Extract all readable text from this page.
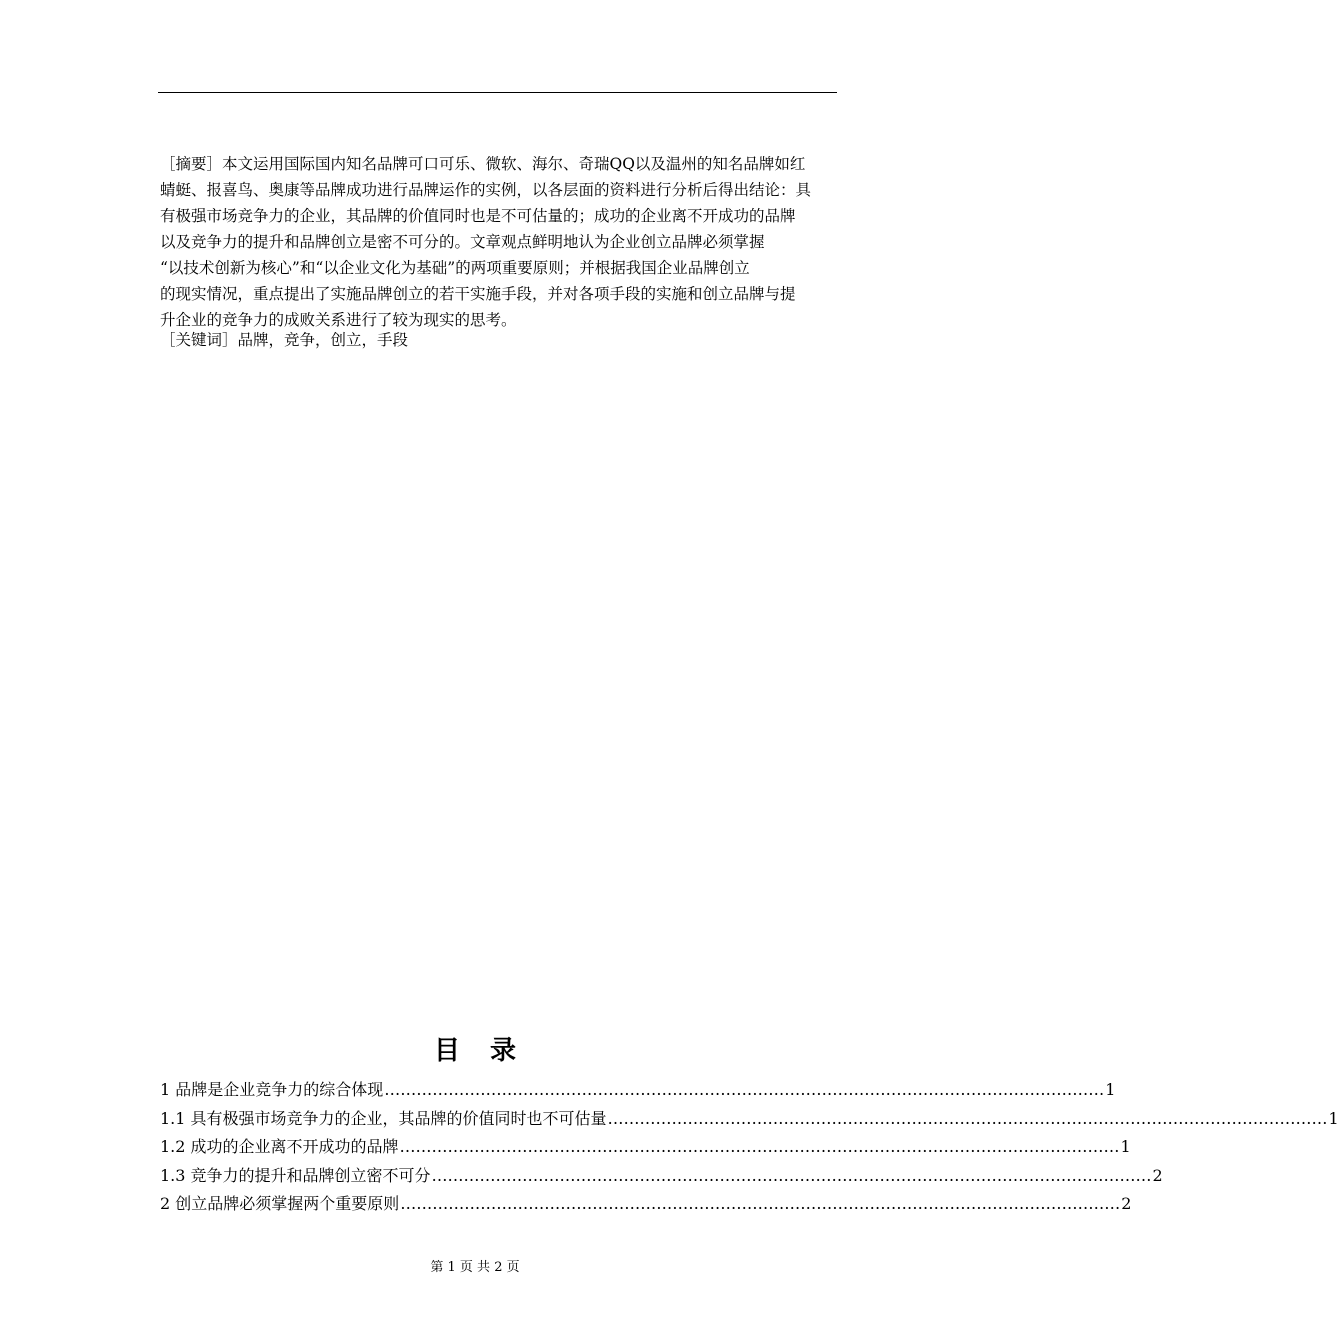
［摘要］本文运用国际国内知名品牌可口可乐、微软、海尔、奇瑞QQ以及温州的知名品牌如红
蜻蜓、报喜鸟、奥康等品牌成功进行品牌运作的实例，以各层面的资料进行分析后得出结论：具
有极强市场竞争力的企业，其品牌的价值同时也是不可估量的；成功的企业离不开成功的品牌
以及竞争力的提升和品牌创立是密不可分的。文章观点鲜明地认为企业创立品牌必须掌握
“以技术创新为核心”和“以企业文化为基础”的两项重要原则；并根据我国企业品牌创立
的现实情况，重点提出了实施品牌创立的若干实施手段，并对各项手段的实施和创立品牌与提
升企业的竞争力的成败关系进行了较为现实的思考。
［关键词］品牌，竞争，创立，手段
目录
1 品牌是企业竞争力的综合体现 ……………………………………………………………………………………………………………………… 1
1.1 具有极强市场竞争力的企业，其品牌的价值同时也不可估量 ……………………………………………………………………………………………………………………… 1
1.2 成功的企业离不开成功的品牌 ……………………………………………………………………………………………………………………… 1
1.3 竞争力的提升和品牌创立密不可分 ……………………………………………………………………………………………………………………… 2
2 创立品牌必须掌握两个重要原则 ……………………………………………………………………………………………………………………… 2
第 1 页 共 2 页
